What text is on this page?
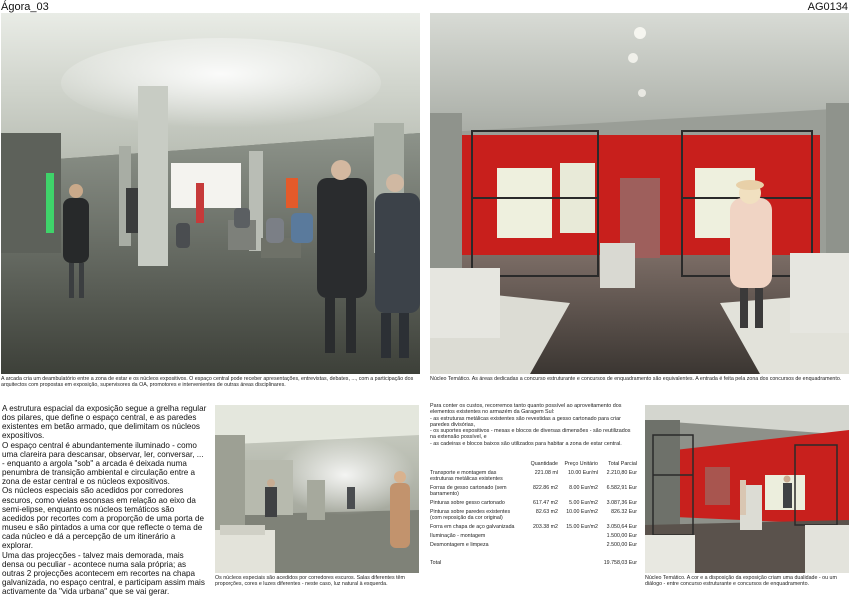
Ágora_03	AG0134
A arcada cria um deambulatório entre a zona de estar e os núcleos expositivos. O espaço central pode receber apresentações, entrevistas, debates, ..., com a participação dos arquitectos com propostas em exposição, supervisores da OA, promotores e intervenientes de outras áreas disciplinares.
Núcleo Temático. As áreas dedicadas a concurso estruturante e concursos de enquadramento são equivalentes. A entrada é feita pela zona dos concursos de enquadramento.

A estrutura espacial da exposição segue a grelha regular dos pilares, que define o espaço central, e as paredes existentes em betão armado, que delimitam os núcleos expositivos.

O espaço central é abundantemente iluminado - como uma clareira para descansar, observar, ler, conversar, ... - enquanto a argola "sob" a arcada é deixada numa penumbra de transição ambiental e circulação entre a zona de estar central e os núcleos expositivos.

Os núcleos especiais são acedidos por corredores escuros, como vielas esconsas em relação ao eixo da semi-elipse, enquanto os núcleos temáticos são acedidos por recortes com a proporção de uma porta de museu e são pintados a uma cor que reflecte o tema de cada núcleo e dá a percepção de um itinerário a explorar.

Uma das projecções - talvez mais demorada, mais densa ou peculiar - acontece numa sala própria; as outras 2 projecções acontecem em recortes na chapa galvanizada, no espaço central, e participam assim mais activamente da "vida urbana" que se vai gerar.

Os núcleos especiais são acedidos por corredores escuros. Salas diferentes têm proporções, cores e luzes diferentes - neste caso, luz natural à esquerda.

Para conter os custos, recorremos tanto quanto possível ao aproveitamento dos elementos existentes no armazém da Garagem Sul:

- as estruturas metálicas existentes são revestidas a gesso cartonado para criar paredes divisórias,

- os suportes expositivos - mesas e blocos de diversas dimensões - são reutilizados na extensão possível, e

- as cadeiras e blocos baixos são utilizados para habitar a zona de estar central.

	Quantidade	Preço Unitário	Total Parcial
Transporte e montagem das estruturas metálicas existentes	221.08 ml	10.00 Eur/ml	2.210,80 Eur
Forras de gesso cartonado (sem barramento)	822.86 m2	8.00 Eur/m2	6.582,91 Eur
Pinturas sobre gesso cartonado	617.47 m2	5.00 Eur/m2	3.087,36 Eur
Pinturas sobre paredes existentes (com reposição da cor original)	82.63 m2	10.00 Eur/m2	826.32 Eur
Forra em chapa de aço galvanizada	203.38 m2	15.00 Eur/m2	3.050,64 Eur
Iluminação - montagem			1.500,00 Eur
Desmontagem e limpeza			2.500,00 Eur
Total			19.758,03 Eur
Núcleo Temático. A cor e a disposição da exposição criam uma dualidade - ou um diálogo - entre concurso estruturante e concursos de enquadramento.
